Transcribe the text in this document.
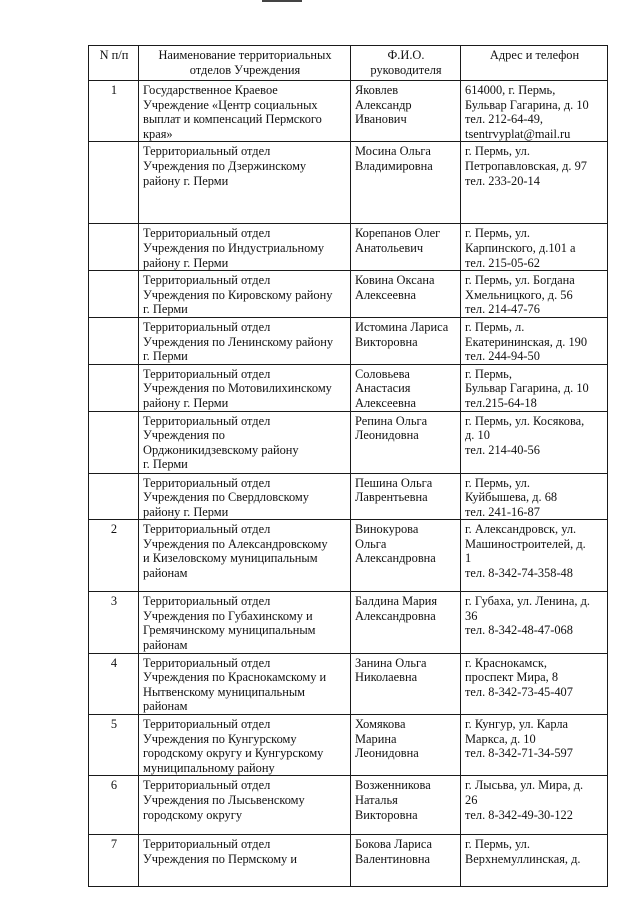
N п/п	Наименование территориальных
отделов Учреждения	Ф.И.О.
руководителя	Адрес и телефон

1	Государственное Краевое
Учреждение «Центр социальных
выплат и компенсаций Пермского
края»	Яковлев
Александр
Иванович	614000, г. Пермь,
Бульвар Гагарина, д. 10
тел. 212-64-49,
tsentrvyplat@mail.ru

	Территориальный отдел
Учреждения по Дзержинскому
району г. Перми	Мосина Ольга
Владимировна	г. Пермь, ул.
Петропавловская, д. 97
тел. 233-20-14

	Территориальный отдел
Учреждения по Индустриальному
району г. Перми	Корепанов Олег
Анатольевич	г. Пермь, ул.
Карпинского, д.101 а
тел. 215-05-62

	Территориальный отдел
Учреждения по Кировскому району
г. Перми	Ковина Оксана
Алексеевна	г. Пермь, ул. Богдана
Хмельницкого, д. 56
тел. 214-47-76

	Территориальный отдел
Учреждения по Ленинскому району
г. Перми	Истомина Лариса
Викторовна	г. Пермь, л.
Екатерининская, д. 190
тел. 244-94-50

	Территориальный отдел
Учреждения по Мотовилихинскому
району г. Перми	Соловьева
Анастасия
Алексеевна	г. Пермь,
Бульвар Гагарина, д. 10
тел.215-64-18

	Территориальный отдел
Учреждения по
Орджоникидзевскому району
г. Перми	Репина Ольга
Леонидовна	г. Пермь, ул. Косякова,
д. 10
тел. 214-40-56

	Территориальный отдел
Учреждения по Свердловскому
району г. Перми	Пешина Ольга
Лаврентьевна	г. Пермь, ул.
Куйбышева, д. 68
тел. 241-16-87

2	Территориальный отдел
Учреждения по Александровскому
и Кизеловскому муниципальным
районам	Винокурова
Ольга
Александровна	г. Александровск, ул.
Машиностроителей, д.
1
тел. 8-342-74-358-48

3	Территориальный отдел
Учреждения по Губахинскому и
Гремячинскому муниципальным
районам	Балдина Мария
Александровна	г. Губаха, ул. Ленина, д.
36
тел. 8-342-48-47-068

4	Территориальный отдел
Учреждения по Краснокамскому и
Нытвенскому муниципальным
районам	Занина Ольга
Николаевна	г. Краснокамск,
проспект Мира, 8
тел. 8-342-73-45-407

5	Территориальный отдел
Учреждения по Кунгурскому
городскому округу и Кунгурскому
муниципальному району	Хомякова
Марина
Леонидовна	г. Кунгур, ул. Карла
Маркса, д. 10
тел. 8-342-71-34-597

6	Территориальный отдел
Учреждения по Лысьвенскому
городскому округу	Возженникова
Наталья
Викторовна	г. Лысьва, ул. Мира, д.
26
тел. 8-342-49-30-122

7	Территориальный отдел
Учреждения по Пермскому и	Бокова Лариса
Валентиновна	г. Пермь, ул.
Верхнемуллинская, д.
